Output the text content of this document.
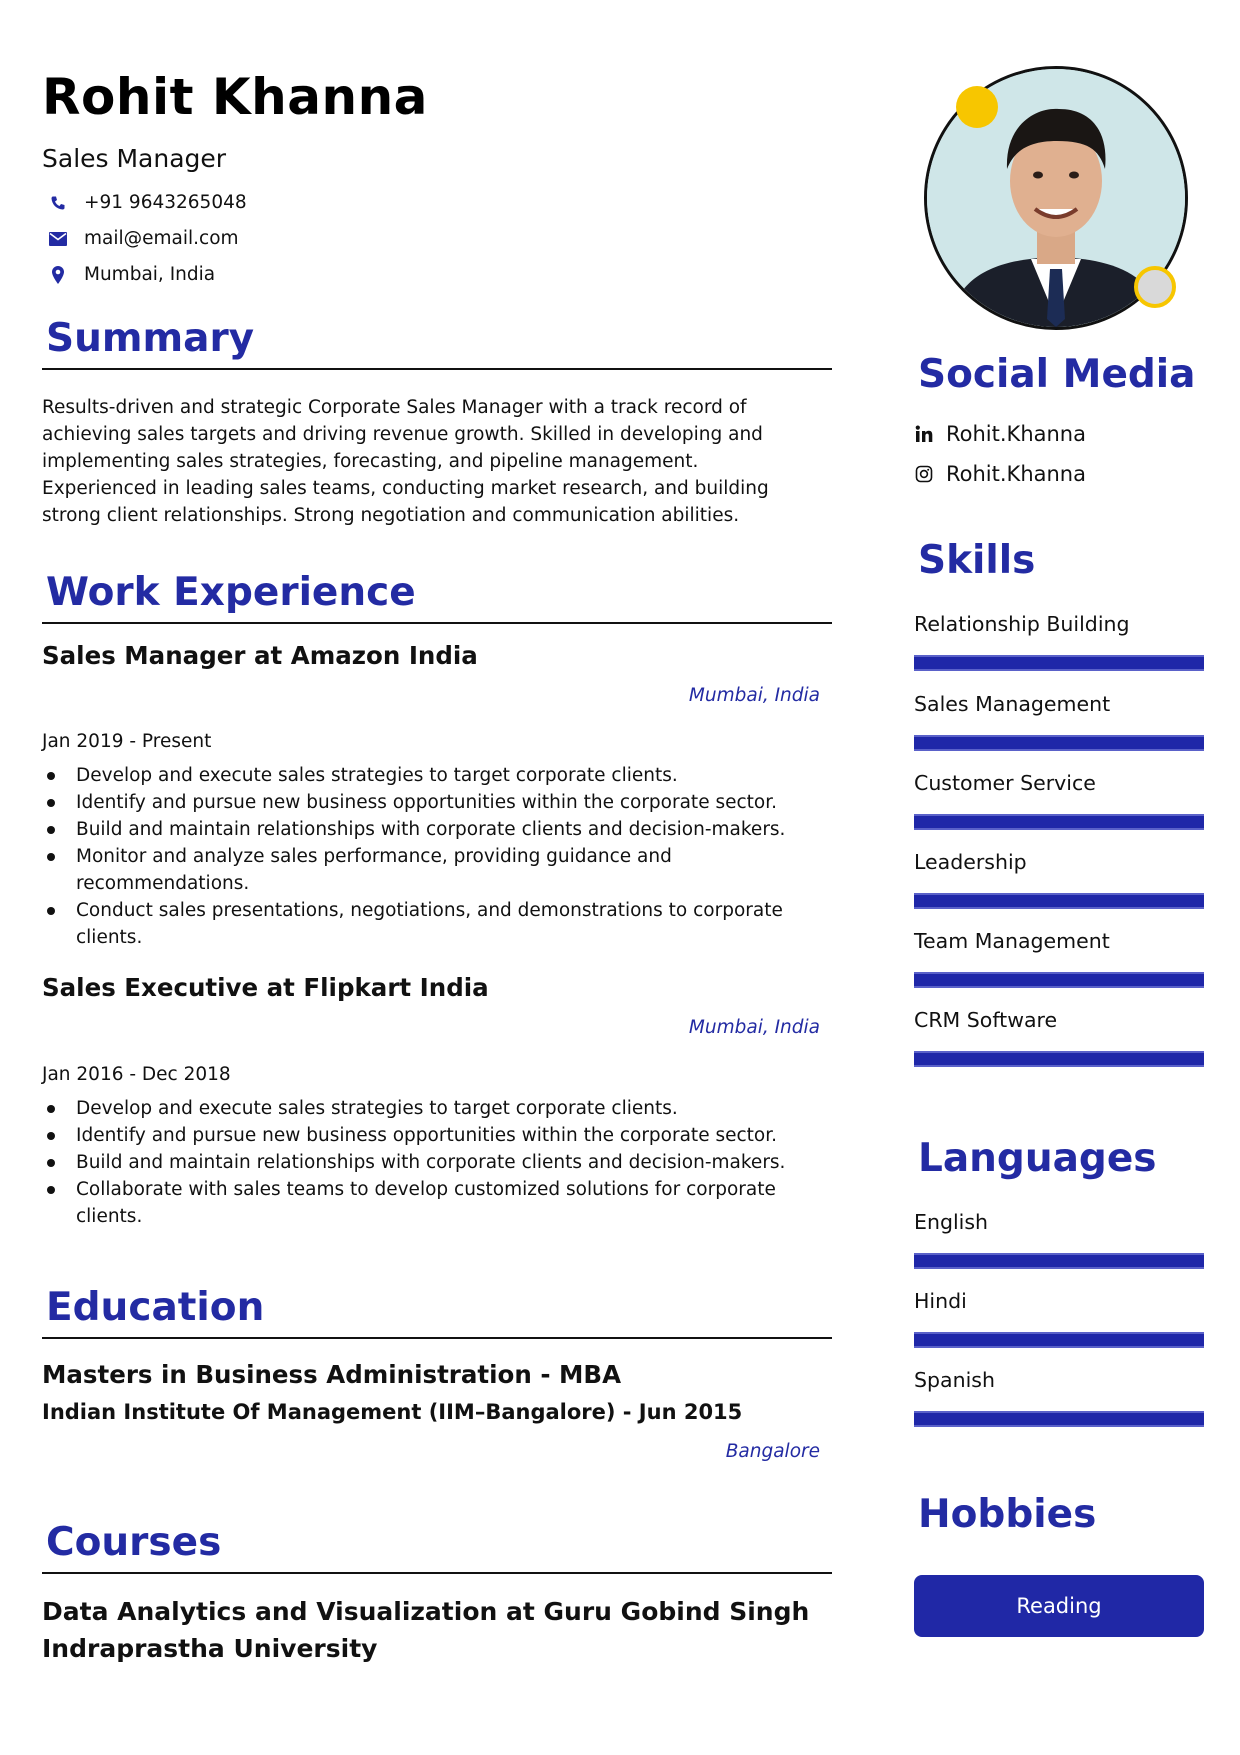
Rohit Khanna

Sales Manager

+91 9643265048
mail@email.com
Mumbai, India
Summary

Results-driven and strategic Corporate Sales Manager with a track record of achieving sales targets and driving revenue growth. Skilled in developing and implementing sales strategies, forecasting, and pipeline management. Experienced in leading sales teams, conducting market research, and building strong client relationships. Strong negotiation and communication abilities.

Work Experience

Sales Manager at Amazon India

Mumbai, India

Jan 2019 - Present

Develop and execute sales strategies to target corporate clients.
Identify and pursue new business opportunities within the corporate sector.
Build and maintain relationships with corporate clients and decision-makers.
Monitor and analyze sales performance, providing guidance and recommendations.
Conduct sales presentations, negotiations, and demonstrations to corporate clients.

Sales Executive at Flipkart India

Mumbai, India

Jan 2016 - Dec 2018

Develop and execute sales strategies to target corporate clients.
Identify and pursue new business opportunities within the corporate sector.
Build and maintain relationships with corporate clients and decision-makers.
Collaborate with sales teams to develop customized solutions for corporate clients.
Education

Masters in Business Administration - MBA

Indian Institute Of Management (IIM–Bangalore) - Jun 2015

Bangalore

Courses

Data Analytics and Visualization at Guru Gobind Singh Indraprastha University

Social Media
Rohit.Khanna
Rohit.Khanna
Skills

Relationship Building

Sales Management

Customer Service

Leadership

Team Management

CRM Software

Languages

English

Hindi

Spanish

Hobbies
Reading
